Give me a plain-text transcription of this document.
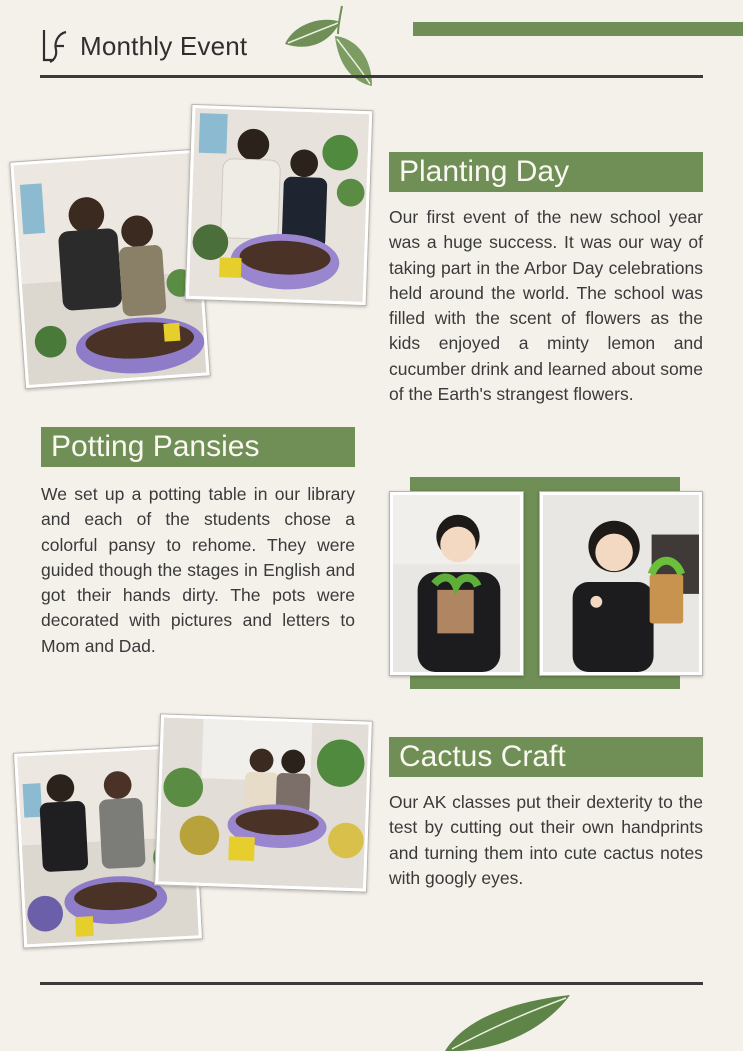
Monthly Event
Planting Day
Our first event of the new school year was a huge success. It was our way of taking part in the Arbor Day celebrations held around the world. The school was filled with the scent of flowers as the kids enjoyed a minty lemon and cucumber drink and learned about some of the Earth's strangest flowers.
Potting Pansies
We set up a potting table in our library and each of the students chose a colorful pansy to rehome. They were guided though the stages in English and got their hands dirty. The pots were decorated with pictures and letters to Mom and Dad.
Cactus Craft
Our AK classes put their dexterity to the test by cutting out their own handprints and turning them into cute cactus notes with googly eyes.
